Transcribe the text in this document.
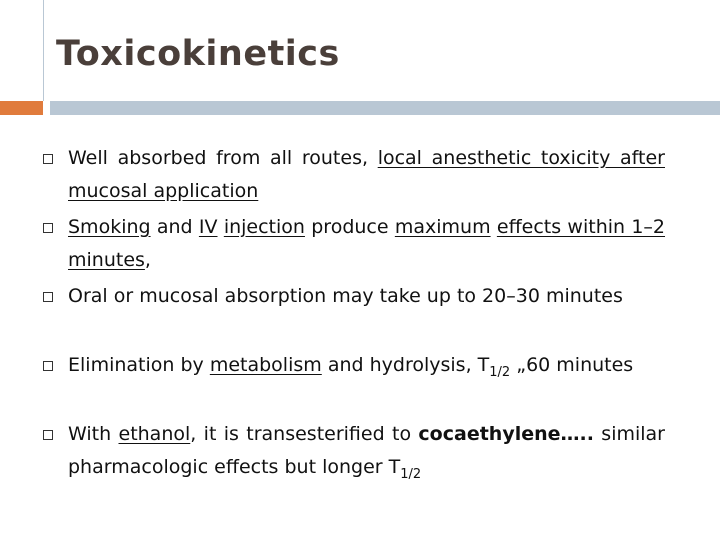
Toxicokinetics
Well absorbed from all routes, local anesthetic toxicity after mucosal application
Smoking and IV injection produce maximum effects within 1–2 minutes,
Oral or mucosal absorption may take up to 20–30 minutes
Elimination by metabolism and hydrolysis, $T_{1/2}$ „60 minutes
With ethanol, it is transesterified to cocaethylene….. similar pharmacologic effects but longer $T_{1/2}$
